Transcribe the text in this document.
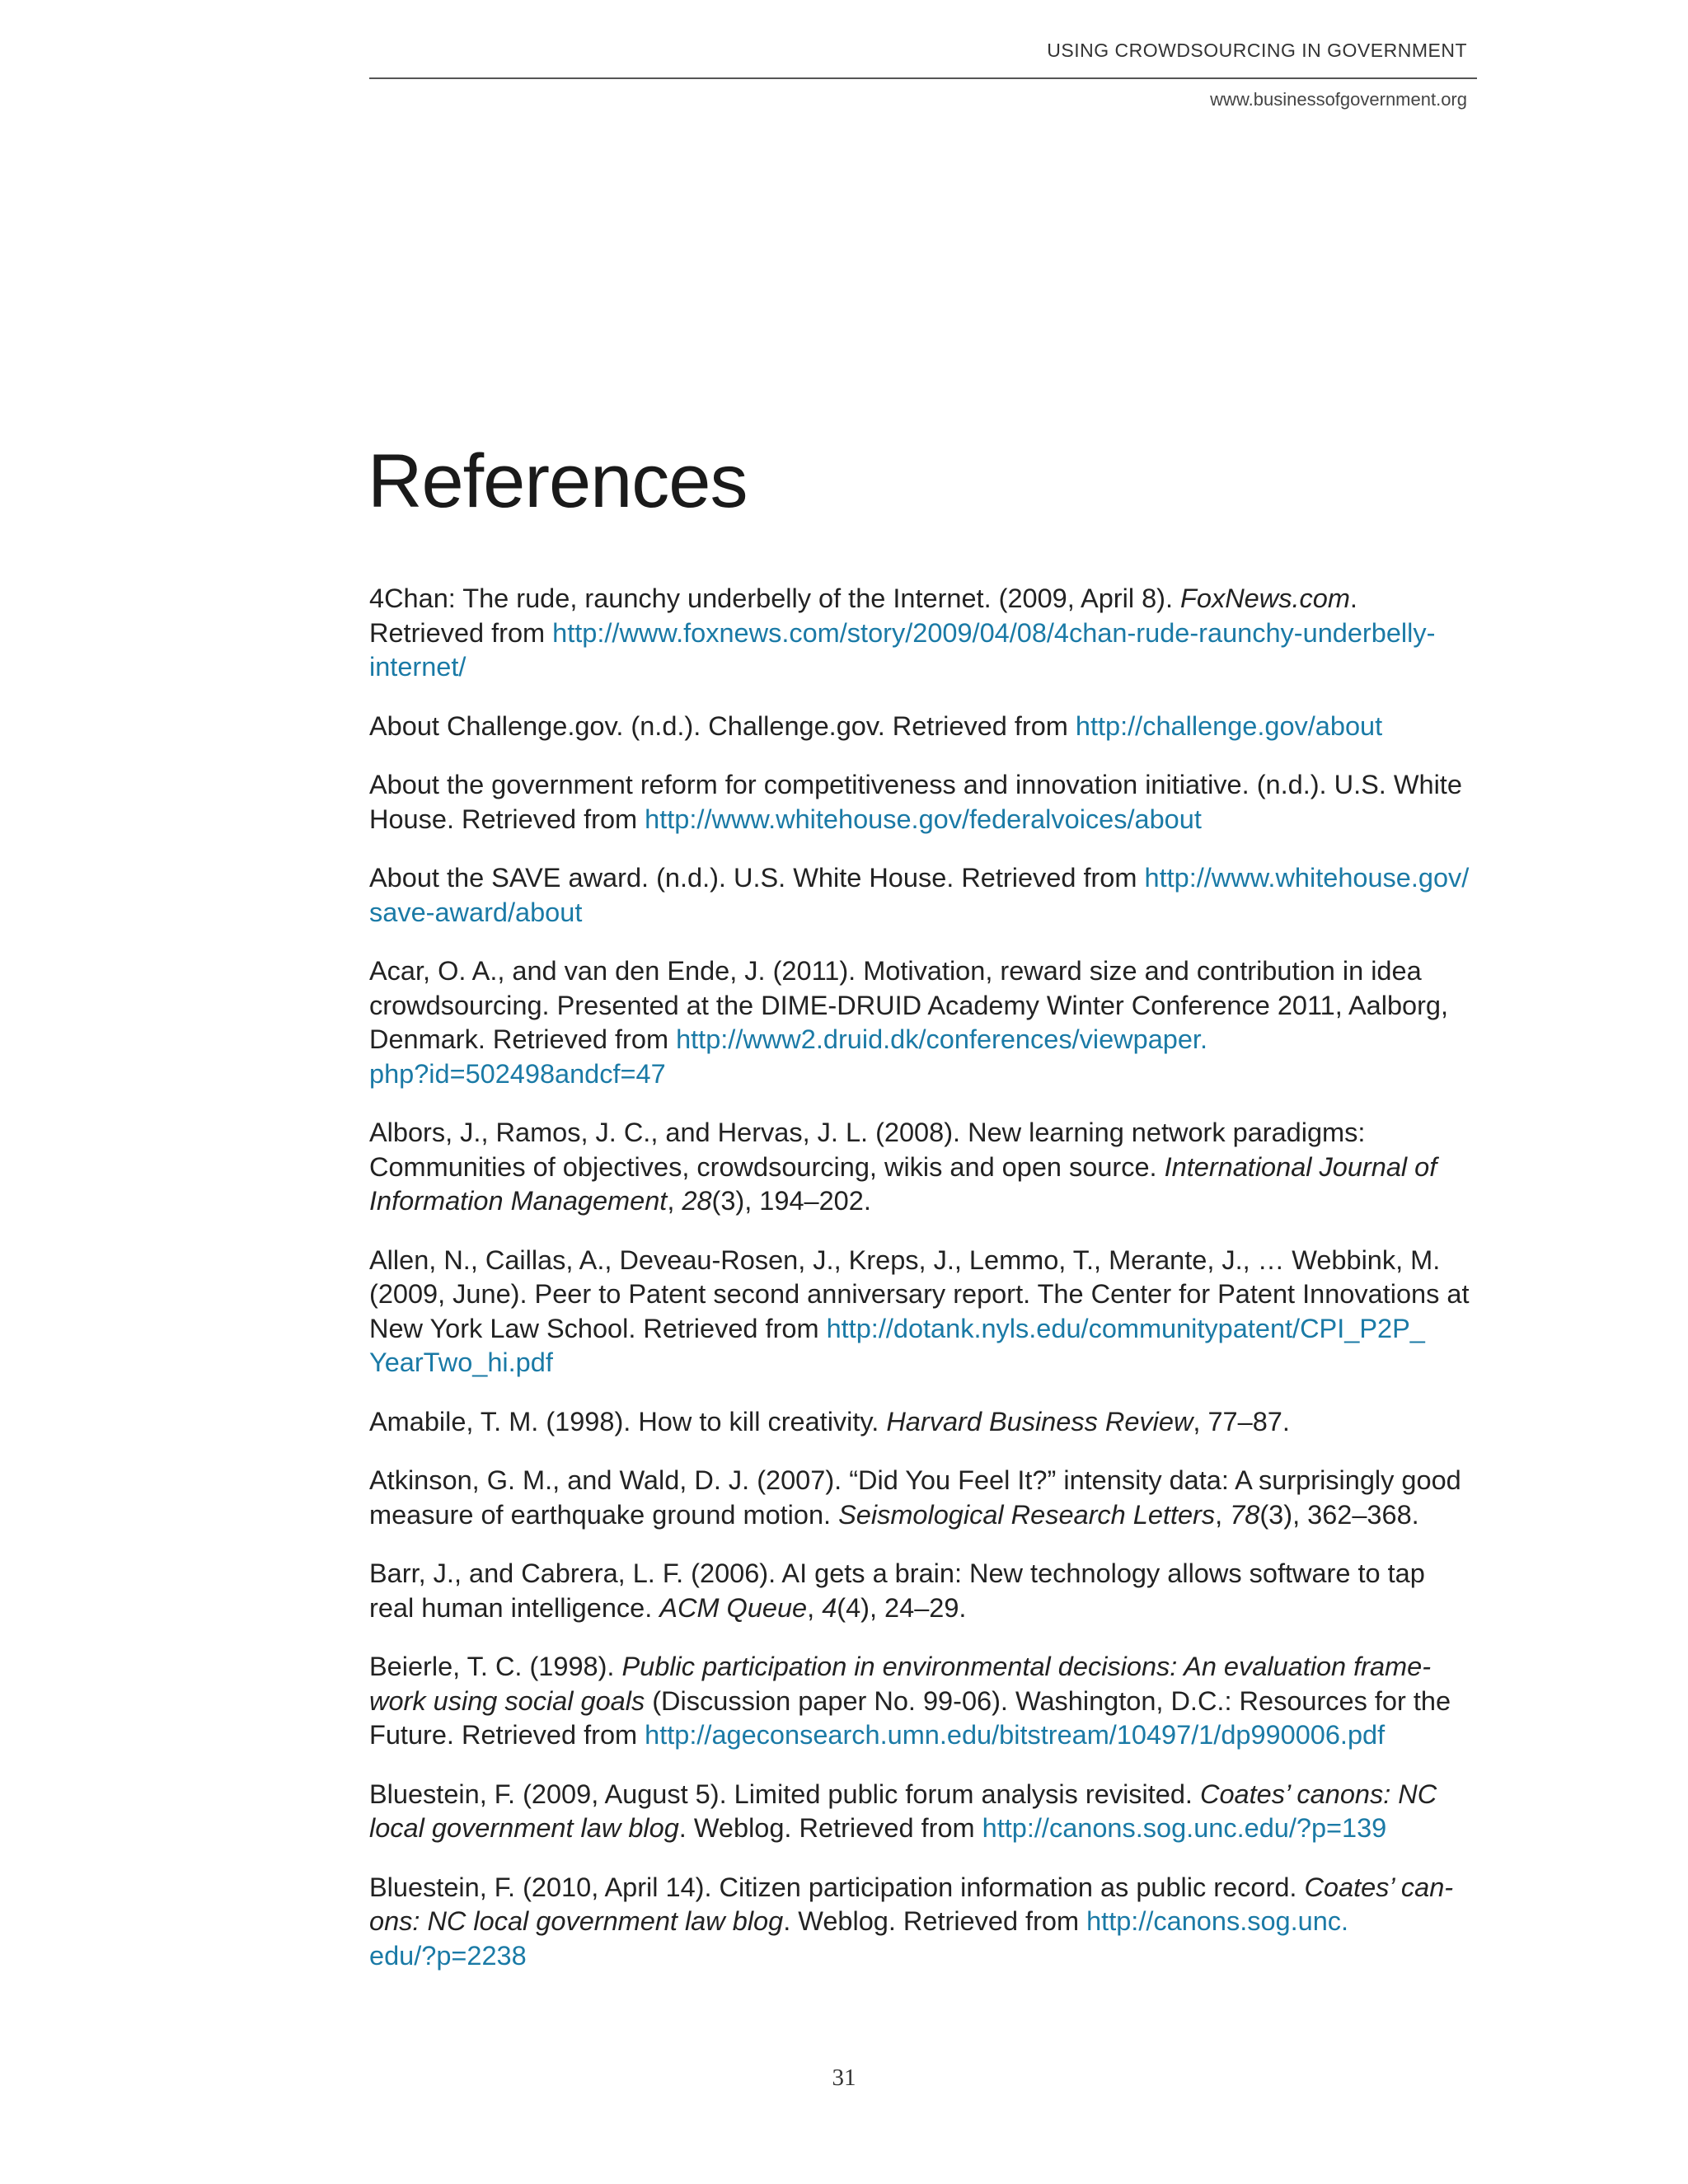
USING CROWDSOURCING IN GOVERNMENT
www.businessofgovernment.org
References

4Chan: The rude, raunchy underbelly of the Internet. (2009, April 8). FoxNews.com.
Retrieved from http://www.foxnews.com/story/2009/04/08/4chan-rude-raunchy-underbelly-
internet/

About Challenge.gov. (n.d.). Challenge.gov. Retrieved from http://challenge.gov/about

About the government reform for competitiveness and innovation initiative. (n.d.). U.S. White
House. Retrieved from http://www.whitehouse.gov/federalvoices/about

About the SAVE award. (n.d.). U.S. White House. Retrieved from http://www.whitehouse.gov/
save-award/about

Acar, O. A., and van den Ende, J. (2011). Motivation, reward size and contribution in idea
crowdsourcing. Presented at the DIME-DRUID Academy Winter Conference 2011, Aalborg,
Denmark. Retrieved from http://www2.druid.dk/conferences/viewpaper.
php?id=502498andcf=47

Albors, J., Ramos, J. C., and Hervas, J. L. (2008). New learning network paradigms:
Communities of objectives, crowdsourcing, wikis and open source. International Journal of
Information Management, 28(3), 194–202.

Allen, N., Caillas, A., Deveau-Rosen, J., Kreps, J., Lemmo, T., Merante, J., … Webbink, M.
(2009, June). Peer to Patent second anniversary report. The Center for Patent Innovations at
New York Law School. Retrieved from http://dotank.nyls.edu/communitypatent/CPI_P2P_
YearTwo_hi.pdf

Amabile, T. M. (1998). How to kill creativity. Harvard Business Review, 77–87.

Atkinson, G. M., and Wald, D. J. (2007). “Did You Feel It?” intensity data: A surprisingly good
measure of earthquake ground motion. Seismological Research Letters, 78(3), 362–368.

Barr, J., and Cabrera, L. F. (2006). AI gets a brain: New technology allows software to tap
real human intelligence. ACM Queue, 4(4), 24–29.

Beierle, T. C. (1998). Public participation in environmental decisions: An evaluation frame-
work using social goals (Discussion paper No. 99-06). Washington, D.C.: Resources for the
Future. Retrieved from http://ageconsearch.umn.edu/bitstream/10497/1/dp990006.pdf

Bluestein, F. (2009, August 5). Limited public forum analysis revisited. Coates’ canons: NC
local government law blog. Weblog. Retrieved from http://canons.sog.unc.edu/?p=139

Bluestein, F. (2010, April 14). Citizen participation information as public record. Coates’ can-
ons: NC local government law blog. Weblog. Retrieved from http://canons.sog.unc.
edu/?p=2238

31
